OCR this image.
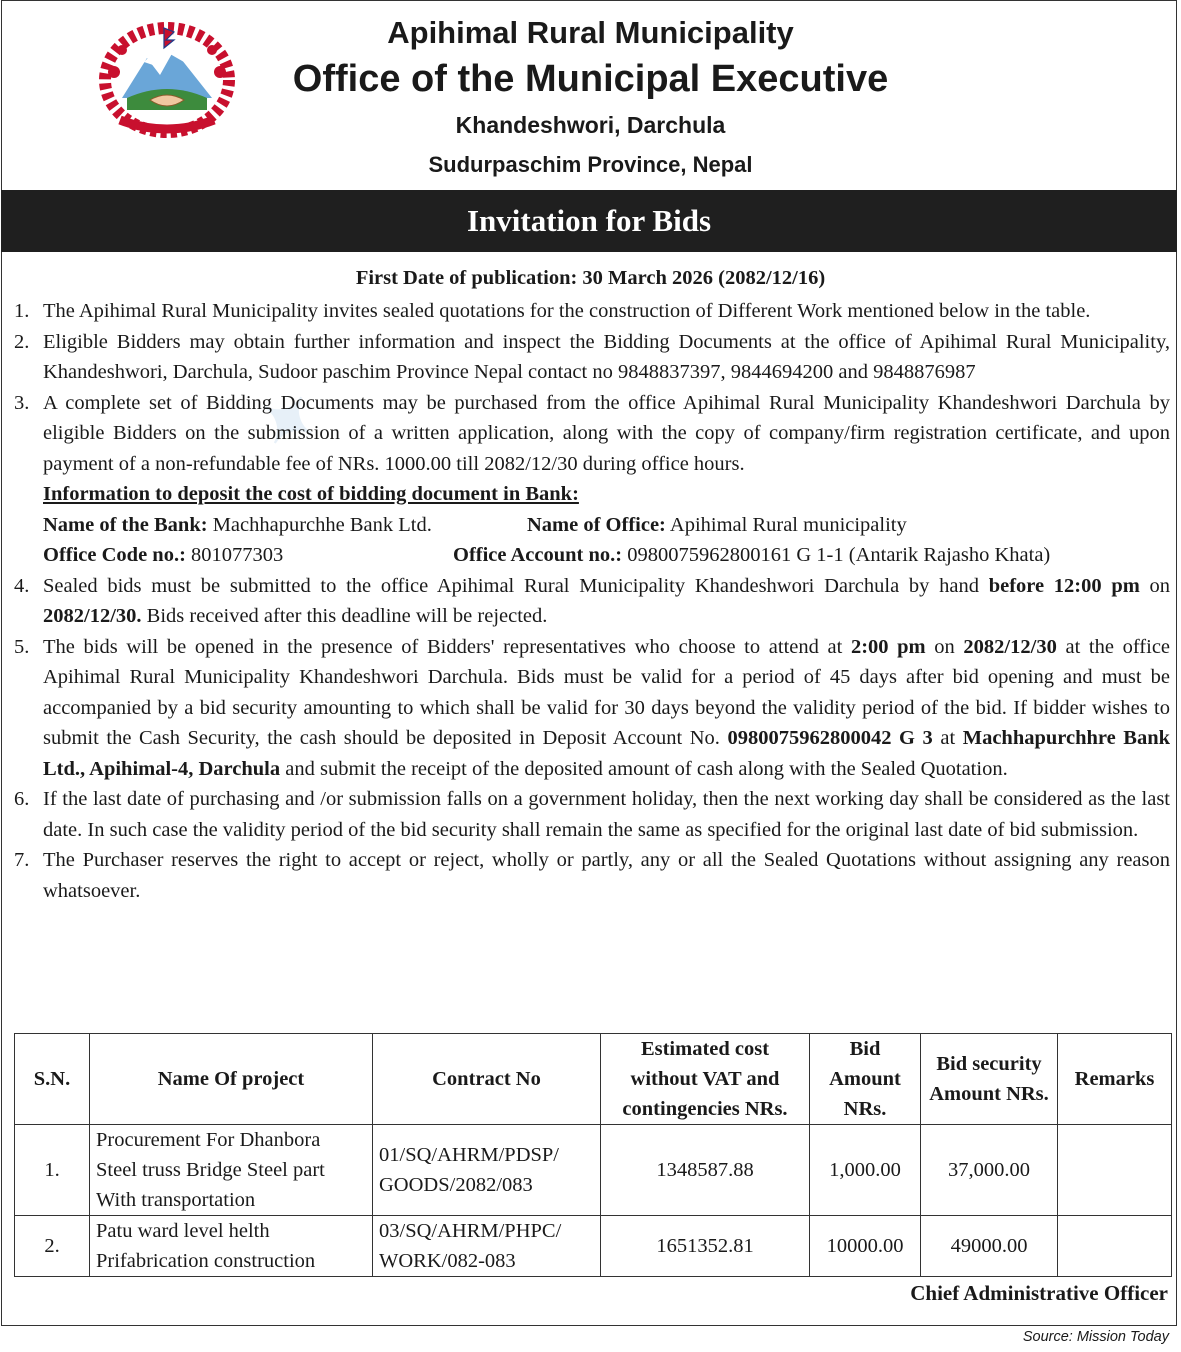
✦
Apihimal Rural Municipality
Office of the Municipal Executive
Khandeshwori, Darchula
Sudurpaschim Province, Nepal
Invitation for Bids
First Date of publication: 30 March 2026 (2082/12/16)
1. The Apihimal Rural Municipality invites sealed quotations for the construction of Different Work mentioned below in the table.
2. Eligible Bidders may obtain further information and inspect the Bidding Documents at the office of Apihimal Rural Municipality, Khandeshwori, Darchula, Sudoor paschim Province Nepal contact no 9848837397, 9844694200 and 9848876987
3. A complete set of Bidding Documents may be purchased from the office Apihimal Rural Municipality Khandeshwori Darchula by eligible Bidders on the submission of a written application, along with the copy of company/firm registration certificate, and upon payment of a non-refundable fee of NRs. 1000.00 till 2082/12/30 during office hours.
Information to deposit the cost of bidding document in Bank:
Name of the Bank: Machhapurchhe Bank Ltd.	Name of Office: Apihimal Rural municipality
Office Code no.: 801077303	Office Account no.: 0980075962800161 G 1-1 (Antarik Rajasho Khata)
4. Sealed bids must be submitted to the office Apihimal Rural Municipality Khandeshwori Darchula by hand before 12:00 pm on 2082/12/30. Bids received after this deadline will be rejected.
5. The bids will be opened in the presence of Bidders' representatives who choose to attend at 2:00 pm on 2082/12/30 at the office Apihimal Rural Municipality Khandeshwori Darchula. Bids must be valid for a period of 45 days after bid opening and must be accompanied by a bid security amounting to which shall be valid for 30 days beyond the validity period of the bid. If bidder wishes to submit the Cash Security, the cash should be deposited in Deposit Account No. 0980075962800042 G 3 at Machhapurchhre Bank Ltd., Apihimal-4, Darchula and submit the receipt of the deposited amount of cash along with the Sealed Quotation.
6. If the last date of purchasing and /or submission falls on a government holiday, then the next working day shall be considered as the last date. In such case the validity period of the bid security shall remain the same as specified for the original last date of bid submission.
7. The Purchaser reserves the right to accept or reject, wholly or partly, any or all the Sealed Quotations without assigning any reason whatsoever.
S.N.	Name Of project	Contract No	Estimated cost without VAT and contingencies NRs.	Bid Amount NRs.	Bid security Amount NRs.	Remarks
1.	Procurement For Dhanbora Steel truss Bridge Steel part With transportation	01/SQ/AHRM/PDSP/ GOODS/2082/083	1348587.88	1,000.00	37,000.00	
2.	Patu ward level helth Prifabrication construction	03/SQ/AHRM/PHPC/ WORK/082-083	1651352.81	10000.00	49000.00	
Chief Administrative Officer
Source: Mission Today
